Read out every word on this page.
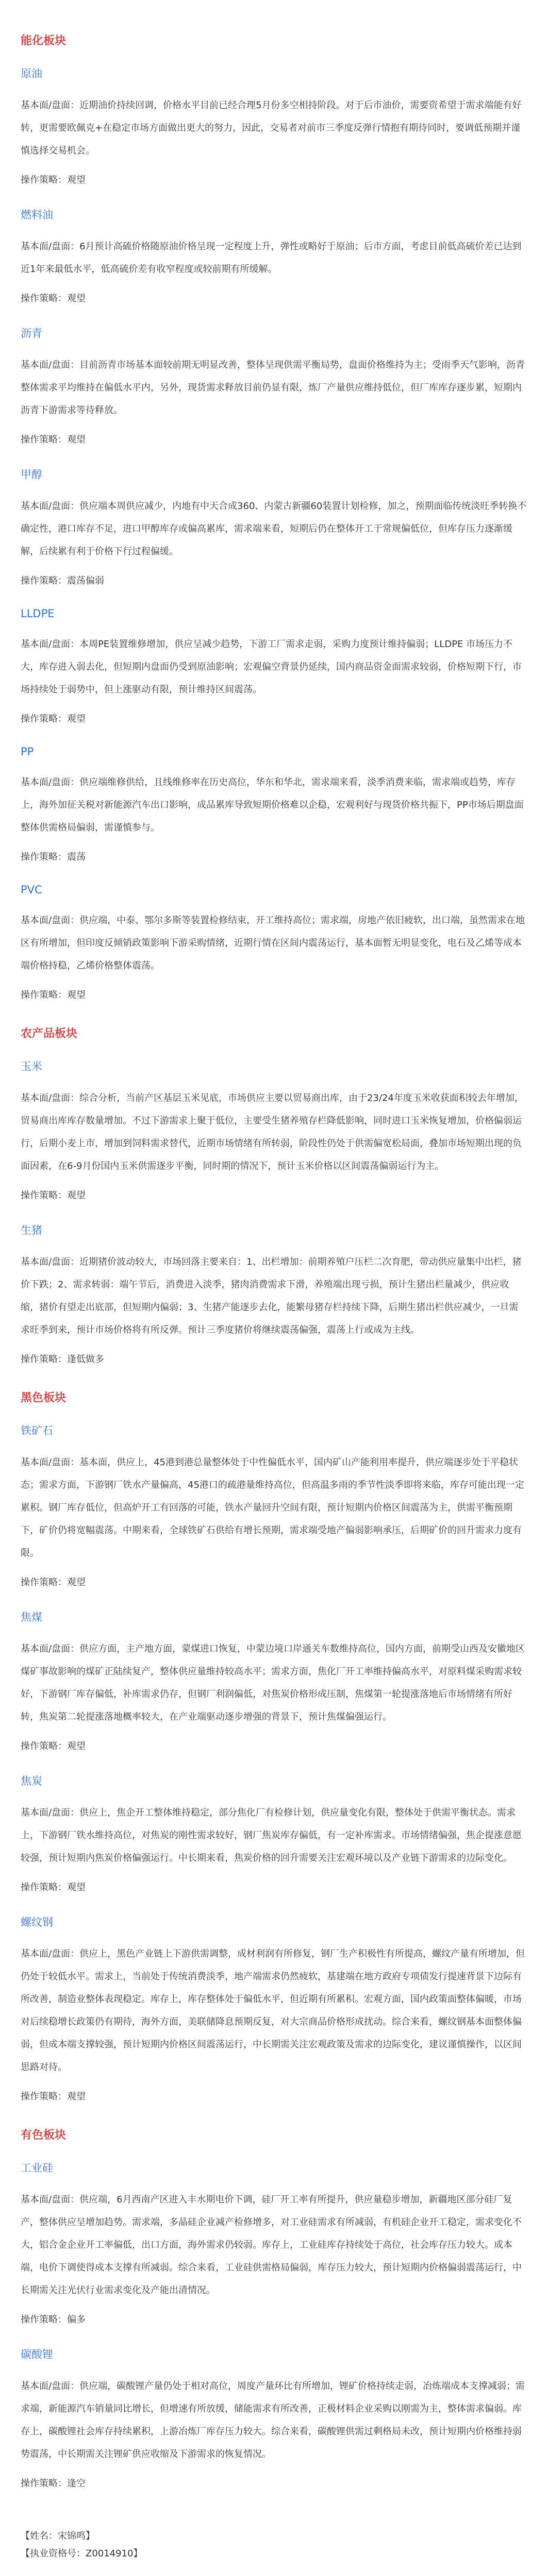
能化板块
原油
基本面/盘面：近期油价持续回调，价格水平目前已经合理5月份多空相持阶段。对于后市油价，需要资希望于需求端能有好转，更需要欧佩克+在稳定市场方面做出更大的努力，因此，交易者对前市三季度反弹行情抱有期待同时，要调低预期并谨慎选择交易机会。
操作策略：观望
燃料油
基本面/盘面：6月预计高硫价格随原油价格呈现一定程度上升，弹性或略好于原油；后市方面，考虑目前低高硫价差已达到近1年来最低水平，低高硫价差有收窄程度或较前期有所缓解。
操作策略：观望
沥青
基本面/盘面：目前沥青市场基本面较前期无明显改善，整体呈现供需平衡局势，盘面价格维持为主；受雨季天气影响，沥青整体需求平均维持在偏低水平内，另外，现货需求释放目前仍显有限，炼厂产量供应维持低位，但厂库库存逐步累，短期内沥青下游需求等待释放。
操作策略：观望
甲醇
基本面/盘面：供应端本周供应减少，内地有中天合成360、内蒙古新疆60装置计划检修，加之，预期面临传统淡旺季转换不确定性，港口库存不足，进口甲醇库存或偏高累库，需求端来看，短期后仍在整体开工于常规偏低位，但库存压力逐渐缓解，后续累有利于价格下行过程偏缓。
操作策略：震荡偏弱
LLDPE
基本面/盘面：本周PE装置维修增加，供应呈减少趋势，下游工厂需求走弱，采购力度预计维持偏弱；LLDPE 市场压力不大，库存进入弱去化，但短期内盘面仍受到原油影响；宏观偏空背景仍延续，国内商品资金面需求较弱，价格短期下行，市场持续处于弱势中，但上涨驱动有限，预计维持区间震荡。
操作策略：观望
PP
基本面/盘面：供应端维修供给，且线维修率在历史高位，华东和华北，需求端来看，淡季消费来临，需求端或趋势，库存上，海外加征关税对新能源汽车出口影响，成品累库导致短期价格难以企稳，宏观利好与现货价格共振下，PP市场后期盘面整体供需格局偏弱，需谨慎参与。
操作策略：震荡
PVC
基本面/盘面：供应端，中泰、鄂尔多斯等装置检修结束，开工维持高位；需求端，房地产依旧疲软，出口端，虽然需求在地区有所增加，但印度反倾销政策影响下游采购情绪，近期行情在区间内震荡运行，基本面暂无明显变化，电石及乙烯等成本端价格持稳，乙烯价格整体震荡。
操作策略：观望
农产品板块
玉米
基本面/盘面：综合分析，当前产区基层玉米见底，市场供应主要以贸易商出库，由于23/24年度玉米收获面积较去年增加，贸易商出库库存数量增加。不过下游需求上聚于低位，主要受生猪养殖存栏降低影响，同时进口玉米恢复增加，价格偏弱运行，后期小麦上市，增加到饲料需求替代，近期市场情绪有所转弱，阶段性仍处于供需偏宽松局面，叠加市场短期出现的负面因素，在6-9月份国内玉米供需逐步平衡，同时期的情况下，预计玉米价格以区间震荡偏弱运行为主。
操作策略：观望
生猪
基本面/盘面：近期猪价波动较大，市场回落主要来自：1、出栏增加：前期养殖户压栏二次育肥，带动供应量集中出栏，猪价下跌；2、需求转弱：端午节后，消费进入淡季，猪肉消费需求下滑，养殖端出现亏损，预计生猪出栏量减少，供应收缩，猪价有望走出底部，但短期内偏弱；3、生猪产能逐步去化，能繁母猪存栏持续下降，后期生猪出栏供应减少，一旦需求旺季到来，预计市场价格将有所反弹。预计三季度猪价将继续震荡偏强，震荡上行或成为主线。
操作策略：逢低做多
黑色板块
铁矿石
基本面/盘面：基本面，供应上，45港到港总量整体处于中性偏低水平，国内矿山产能利用率提升，供应端逐步处于平稳状态；需求方面，下游钢厂铁水产量偏高，45港口的疏港量维持高位，但高温多雨的季节性淡季即将来临，库存可能出现一定累积。钢厂库存低位，但高炉开工有回落的可能，铁水产量回升空间有限，预计短期内价格区间震荡为主，供需平衡预期下，矿价仍将宽幅震荡。中期来看，全球铁矿石供给有增长预期，需求端受地产偏弱影响承压，后期矿价的回升需求力度有限。
操作策略：观望
焦煤
基本面/盘面：供应方面，主产地方面，蒙煤进口恢复，中蒙边境口岸通关车数维持高位，国内方面，前期受山西及安徽地区煤矿事故影响的煤矿正陆续复产，整体供应量维持较高水平；需求方面，焦化厂开工率维持偏高水平，对原料煤采购需求较好，下游钢厂库存偏低，补库需求仍存，但钢厂利润偏低，对焦炭价格形成压制，焦煤第一轮提涨落地后市场情绪有所好转，焦炭第二轮提涨落地概率较大，在产业端驱动逐步增强的背景下，预计焦煤偏强运行。
操作策略：观望
焦炭
基本面/盘面：供应上，焦企开工整体维持稳定，部分焦化厂有检修计划，供应量变化有限，整体处于供需平衡状态。需求上，下游钢厂铁水维持高位，对焦炭的刚性需求较好，钢厂焦炭库存偏低，有一定补库需求。市场情绪偏强，焦企提涨意愿较强，预计短期内焦炭价格偏强运行。中长期来看，焦炭价格的回升需要关注宏观环境以及产业链下游需求的边际变化。
操作策略：观望
螺纹钢
基本面/盘面：供应上，黑色产业链上下游供需调整，成材利润有所修复，钢厂生产积极性有所提高，螺纹产量有所增加，但仍处于较低水平。需求上，当前处于传统消费淡季，地产端需求仍然疲软，基建端在地方政府专项债发行提速背景下边际有所改善，制造业整体表现稳定。库存上，库存整体处于偏低水平，但近期有所累积。宏观方面，国内政策面整体偏暖，市场对后续稳增长政策仍有期待，海外方面，美联储降息预期反复，对大宗商品价格形成扰动。综合来看，螺纹钢基本面整体偏弱，但成本端支撑较强，预计短期内价格区间震荡运行，中长期需关注宏观政策及需求的边际变化，建议谨慎操作，以区间思路对待。
操作策略：观望
有色板块
工业硅
基本面/盘面：供应端，6月西南产区进入丰水期电价下调，硅厂开工率有所提升，供应量稳步增加，新疆地区部分硅厂复产，整体供应呈增加趋势。需求端，多晶硅企业减产检修增多，对工业硅需求有所减弱，有机硅企业开工稳定，需求变化不大，铝合金企业开工率偏低，出口方面，海外需求仍较弱。库存上，工业硅库存持续处于高位，社会库存压力较大。成本端，电价下调使得成本支撑有所减弱。综合来看，工业硅供需格局偏弱，库存压力较大，预计短期内价格偏弱震荡运行，中长期需关注光伏行业需求变化及产能出清情况。
操作策略：偏多
碳酸锂
基本面/盘面：供应端，碳酸锂产量仍处于相对高位，周度产量环比有所增加，锂矿价格持续走弱，冶炼端成本支撑减弱；需求端，新能源汽车销量同比增长，但增速有所放缓，储能需求有所改善，正极材料企业采购以刚需为主，整体需求偏弱。库存上，碳酸锂社会库存持续累积，上游冶炼厂库存压力较大。综合来看，碳酸锂供需过剩格局未改，预计短期内价格维持弱势震荡，中长期需关注锂矿供应收缩及下游需求的恢复情况。
操作策略：逢空
【姓名：宋锦鸣】
【执业资格号：Z0014910】
